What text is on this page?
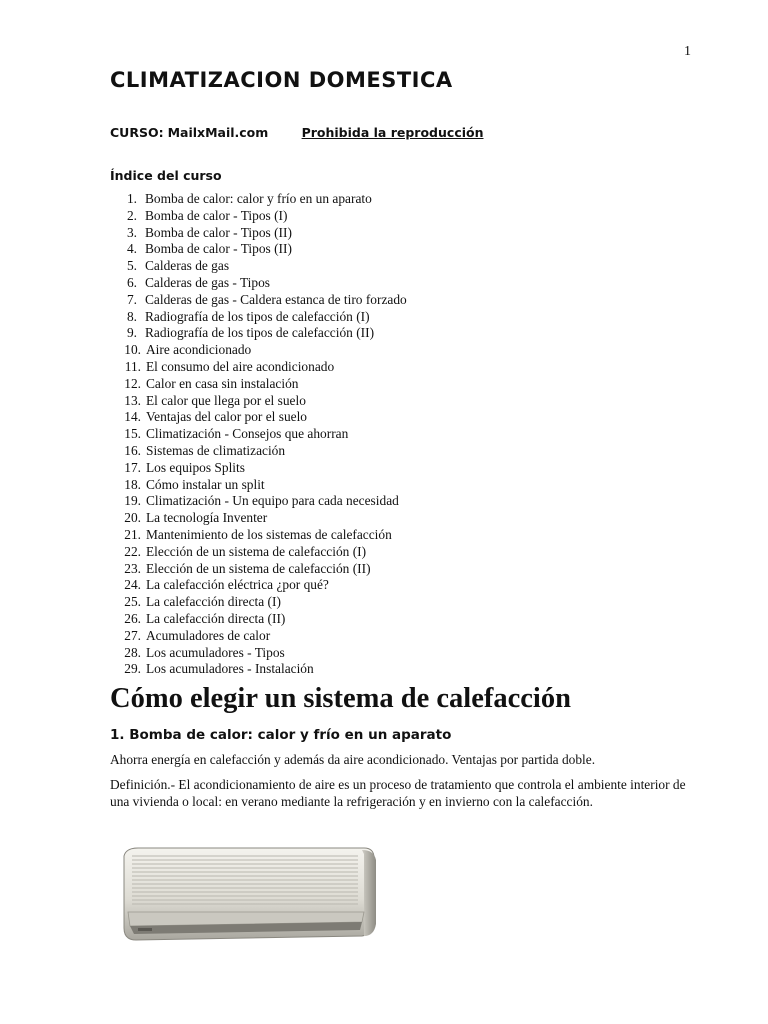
1
CLIMATIZACION DOMESTICA
CURSO: MailxMail.com	Prohibida la reproducción
Índice del curso
1. Bomba de calor: calor y frío en un aparato
2. Bomba de calor - Tipos (I)
3. Bomba de calor - Tipos (II)
4. Bomba de calor - Tipos (II)
5. Calderas de gas
6. Calderas de gas - Tipos
7. Calderas de gas - Caldera estanca de tiro forzado
8. Radiografía de los tipos de calefacción (I)
9. Radiografía de los tipos de calefacción (II)
10. Aire acondicionado
11. El consumo del aire acondicionado
12. Calor en casa sin instalación
13. El calor que llega por el suelo
14. Ventajas del calor por el suelo
15. Climatización - Consejos que ahorran
16. Sistemas de climatización
17. Los equipos Splits
18. Cómo instalar un split
19. Climatización - Un equipo para cada necesidad
20. La tecnología Inventer
21. Mantenimiento de los sistemas de calefacción
22. Elección de un sistema de calefacción (I)
23. Elección de un sistema de calefacción (II)
24. La calefacción eléctrica ¿por qué?
25. La calefacción directa (I)
26. La calefacción directa (II)
27. Acumuladores de calor
28. Los acumuladores - Tipos
29. Los acumuladores - Instalación
Cómo elegir un sistema de calefacción
1. Bomba de calor: calor y frío en un aparato

Ahorra energía en calefacción y además da aire acondicionado. Ventajas por partida doble.

Definición.- El acondicionamiento de aire es un proceso de tratamiento que controla el ambiente interior de una vivienda o local: en verano mediante la refrigeración y en invierno con la calefacción.
